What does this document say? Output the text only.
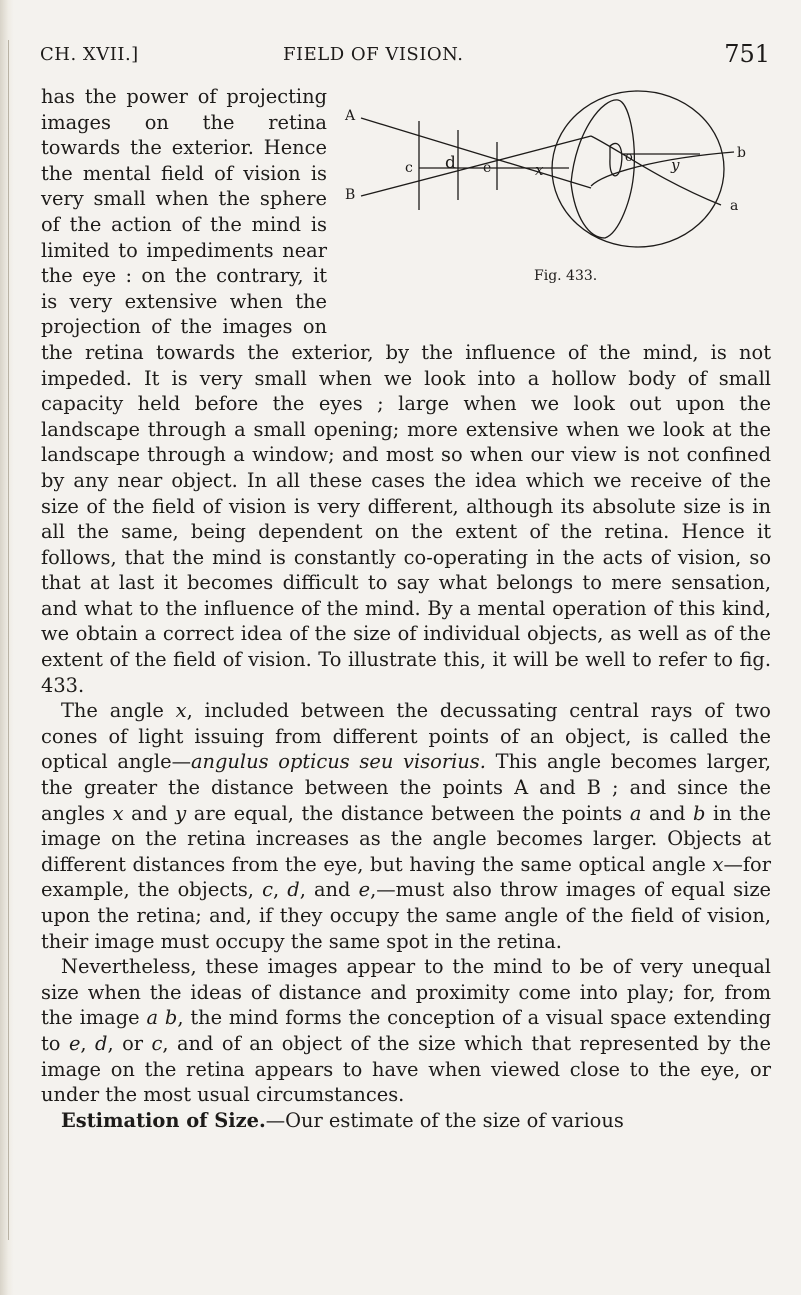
CH. XVII.]	FIELD OF VISION.	751
A
B
c d e	x
o	y
b
a
Fig. 433.

has the power of projecting images on the retina towards the exterior. Hence the mental field of vision is very small when the sphere of the action of the mind is limited to impediments near the eye : on the contrary, it is very extensive when the projection of the images on the retina towards the exterior, by the influence of the mind, is not impeded. It is very small when we look into a hollow body of small capacity held before the eyes ; large when we look out upon the landscape through a small opening; more extensive when we look at the landscape through a window; and most so when our view is not confined by any near object. In all these cases the idea which we receive of the size of the field of vision is very different, although its absolute size is in all the same, being dependent on the extent of the retina. Hence it follows, that the mind is constantly co-operating in the acts of vision, so that at last it becomes difficult to say what belongs to mere sensation, and what to the influence of the mind. By a mental operation of this kind, we obtain a correct idea of the size of individual objects, as well as of the extent of the field of vision. To illustrate this, it will be well to refer to fig. 433.

The angle x, included between the decussating central rays of two cones of light issuing from different points of an object, is called the optical angle—angulus opticus seu visorius. This angle becomes larger, the greater the distance between the points A and B ; and since the angles x and y are equal, the distance between the points a and b in the image on the retina increases as the angle becomes larger. Objects at different distances from the eye, but having the same optical angle x—for example, the objects, c, d, and e,—must also throw images of equal size upon the retina; and, if they occupy the same angle of the field of vision, their image must occupy the same spot in the retina.

Nevertheless, these images appear to the mind to be of very unequal size when the ideas of distance and proximity come into play; for, from the image a b, the mind forms the conception of a visual space extending to e, d, or c, and of an object of the size which that represented by the image on the retina appears to have when viewed close to the eye, or under the most usual circumstances.

Estimation of Size.—Our estimate of the size of various
